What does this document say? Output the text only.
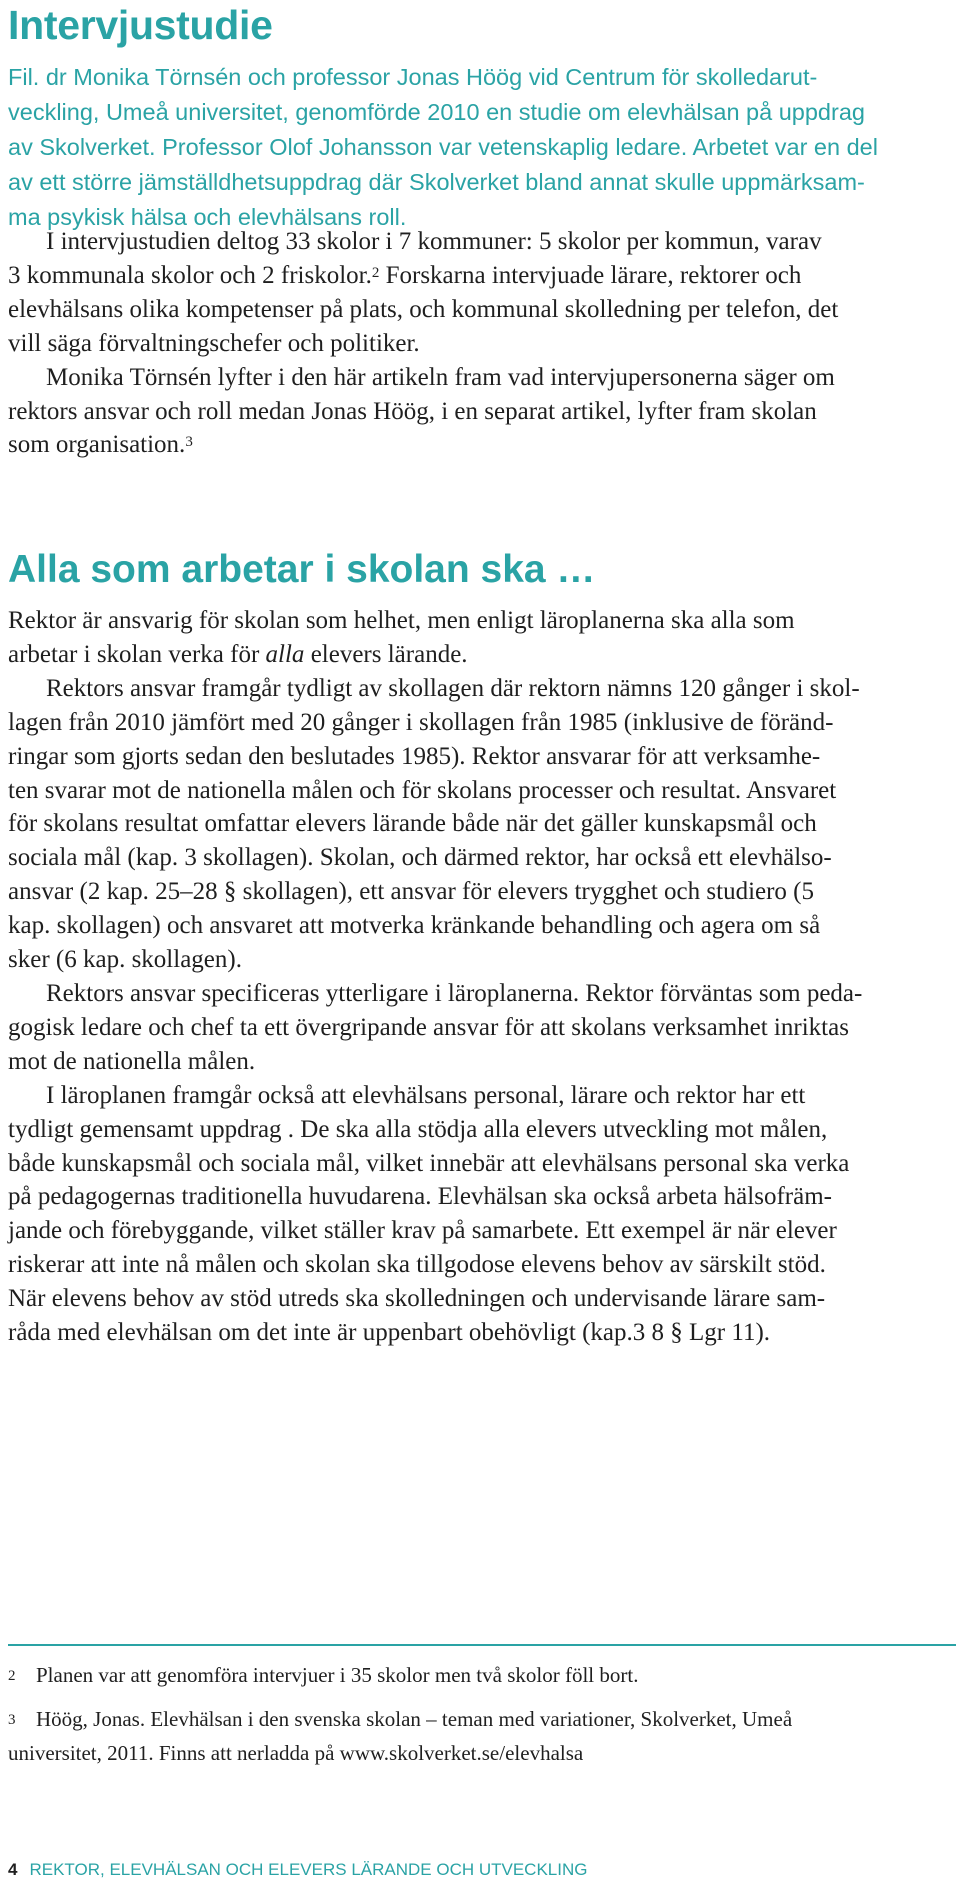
Intervjustudie
Fil. dr Monika Törnsén och professor Jonas Höög vid Centrum för skolledarut-
veckling, Umeå universitet, genomförde 2010 en studie om elevhälsan på uppdrag
av Skolverket. Professor Olof Johansson var vetenskaplig ledare. Arbetet var en del
av ett större jämställdhetsuppdrag där Skolverket bland annat skulle uppmärksam-
ma psykisk hälsa och elevhälsans roll.
I intervjustudien deltog 33 skolor i 7 kommuner: 5 skolor per kommun, varav
3 kommunala skolor och 2 friskolor.$^2$ Forskarna intervjuade lärare, rektorer och
elevhälsans olika kompetenser på plats, och kommunal skolledning per telefon, det
vill säga förvaltningschefer och politiker.
Monika Törnsén lyfter i den här artikeln fram vad intervjupersonerna säger om
rektors ansvar och roll medan Jonas Höög, i en separat artikel, lyfter fram skolan
som organisation.$^3$
Alla som arbetar i skolan ska …
Rektor är ansvarig för skolan som helhet, men enligt läroplanerna ska alla som
arbetar i skolan verka för alla elevers lärande.
Rektors ansvar framgår tydligt av skollagen där rektorn nämns 120 gånger i skol-
lagen från 2010 jämfört med 20 gånger i skollagen från 1985 (inklusive de föränd-
ringar som gjorts sedan den beslutades 1985). Rektor ansvarar för att verksamhe-
ten svarar mot de nationella målen och för skolans processer och resultat. Ansvaret
för skolans resultat omfattar elevers lärande både när det gäller kunskapsmål och
sociala mål (kap. 3 skollagen). Skolan, och därmed rektor, har också ett elevhälso-
ansvar (2 kap. 25–28 § skollagen), ett ansvar för elevers trygghet och studiero (5
kap. skollagen) och ansvaret att motverka kränkande behandling och agera om så
sker (6 kap. skollagen).
Rektors ansvar specificeras ytterligare i läroplanerna. Rektor förväntas som peda-
gogisk ledare och chef ta ett övergripande ansvar för att skolans verksamhet inriktas
mot de nationella målen.
I läroplanen framgår också att elevhälsans personal, lärare och rektor har ett
tydligt gemensamt uppdrag . De ska alla stödja alla elevers utveckling mot målen,
både kunskapsmål och sociala mål, vilket innebär att elevhälsans personal ska verka
på pedagogernas traditionella huvudarena. Elevhälsan ska också arbeta hälsofräm-
jande och förebyggande, vilket ställer krav på samarbete. Ett exempel är när elever
riskerar att inte nå målen och skolan ska tillgodose elevens behov av särskilt stöd.
När elevens behov av stöd utreds ska skolledningen och undervisande lärare sam-
råda med elevhälsan om det inte är uppenbart obehövligt (kap.3 8 § Lgr 11).

2 Planen var att genomföra intervjuer i 35 skolor men två skolor föll bort.

3 Höög, Jonas. Elevhälsan i den svenska skolan – teman med variationer, Skolverket, Umeå
universitet, 2011. Finns att nerladda på www.skolverket.se/elevhalsa

4 REKTOR, ELEVHÄLSAN OCH ELEVERS LÄRANDE OCH UTVECKLING
